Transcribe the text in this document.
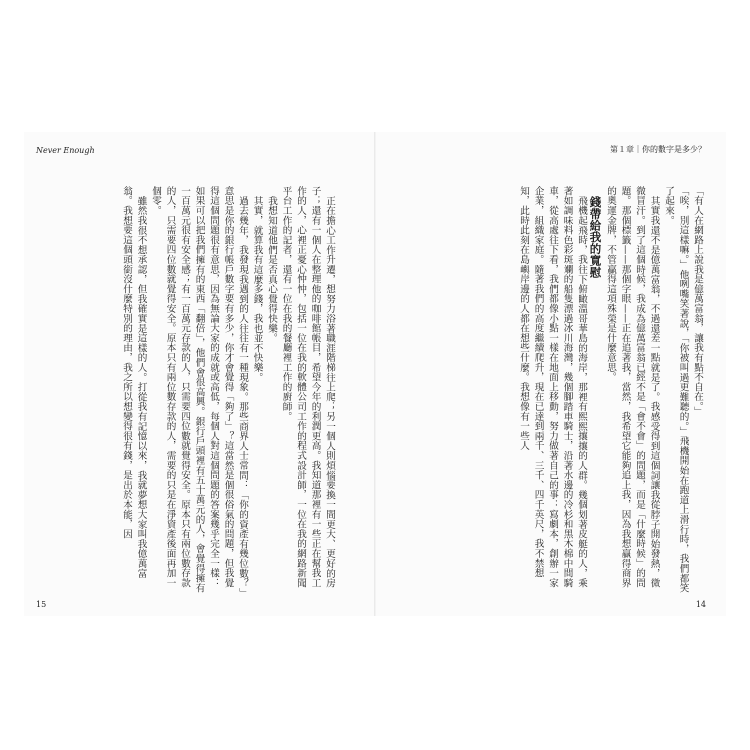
Never Enough

正在擔心工作升遷，想努力浴著職涯階梯往上爬；另一個人則煩惱要換一間更大、更好的房子；還有一個人在整理他的咖啡館帳目，希望今年的利潤更高。我知道那裡有一些正在幫我工作的人，心裡正憂心忡忡，包括一位在我的軟體公司工作的程式設計師，一位在我的網路新聞平台工作的記者，還有一位在我的餐廳裡工作的廚師。

我想知道他們是否真心覺得快樂。

其實，就算我有這麼多錢，我也並不快樂。

過去幾年，我發現我遇到的人往往有一種現象。那些商界人士常問：「你的資產有幾位數？」意思是你的銀行帳戶數字要有多少，你才會覺得「夠了」？這當然是個很俗氣的問題，但我覺得這個問題很有意思，因為無論大家的成就或高低，每個人對這個問題的答案幾乎完全一樣：如果可以把我們擁有的東西「翻倍」，他們會很高興。銀行戶頭裡有五十萬元的人，會覺得擁有一百萬元很有安全感；有一百萬元存款的人，只需要四位數就覺得安全。原本只有兩位數存款的人，只需要四位數就覺得安全。原本只有兩位數存款的人，需要的只是在淨資產後面再加一個零。

雖然我很不想承認，但我確實是這樣的人。打從我有記憶以來，我就夢想大家叫我億萬富翁。我想要這個頭銜沒什麼特別的理由，我之所以想變得很有錢，是出於本能，因

15
第１章｜你的數字是多少？

「有人在網路上說我是億萬富翁，讓我有點不自在。」

「唉，別這樣嘛。」他咧嘴笑著說，「你被叫過更難聽的。」飛機開始在跑道上滑行時，我們都笑了起來。

其實我還不是億萬富翁，不過還差一點就是了。我感受得到這個詞讓我從脖子開始發熱，微微冒汗。到了這個時候，我成為億萬富翁已經不是「會不會」的問題，而是「什麼時候」的問題。那個標籤——那個字眼——正在追著我，當然，我希望它能夠追上我，因為我想贏得商界的奧運金牌，不管贏得這項殊榮是什麼意思。

錢帶給我的寬慰

飛機起飛時，我往下俯瞰溫哥華島的海岸，那裡有熙熙攘攘的人群。幾個划著皮艇的人，乘著如調味料色彩斑斕的船隻漂過冰川海灣，幾個腳踏車騎士，沿著水邊的冷杉和黑木棉中間騎車，從高處往下看，我們都像小點一樣在地面上移動，努力做著自己的事：寫劇本，創辦一家企業，組織家庭。隨著我們的高度繼續爬升，現在已達到兩千、三千、四千英尺，我不禁想知，此時此刻在島嶼岸邊的人都在想些什麼。我想像有一些人

14
